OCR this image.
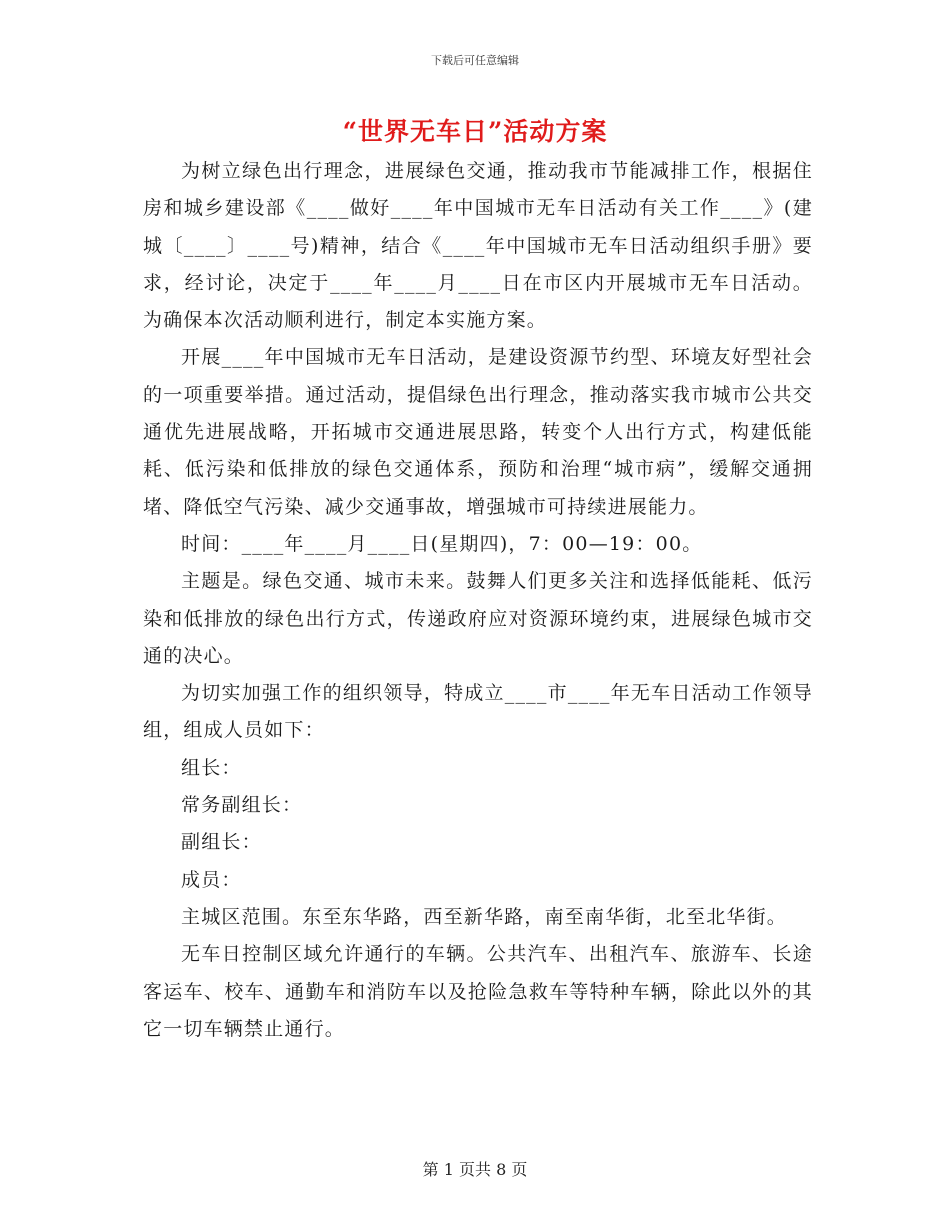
下载后可任意编辑
“世界无车日”活动方案

为树立绿色出行理念，进展绿色交通，推动我市节能减排工作，根据住房和城乡建设部《____做好____年中国城市无车日活动有关工作____》(建城〔____〕____号)精神，结合《____年中国城市无车日活动组织手册》要求，经讨论，决定于____年____月____日在市区内开展城市无车日活动。为确保本次活动顺利进行，制定本实施方案。

开展____年中国城市无车日活动，是建设资源节约型、环境友好型社会的一项重要举措。通过活动，提倡绿色出行理念，推动落实我市城市公共交通优先进展战略，开拓城市交通进展思路，转变个人出行方式，构建低能耗、低污染和低排放的绿色交通体系，预防和治理“城市病”，缓解交通拥堵、降低空气污染、减少交通事故，增强城市可持续进展能力。

时间：____年____月____日(星期四)，7：00—19：00。

主题是。绿色交通、城市未来。鼓舞人们更多关注和选择低能耗、低污染和低排放的绿色出行方式，传递政府应对资源环境约束，进展绿色城市交通的决心。

为切实加强工作的组织领导，特成立____市____年无车日活动工作领导组，组成人员如下：

组长：

常务副组长：

副组长：

成员：

主城区范围。东至东华路，西至新华路，南至南华街，北至北华街。

无车日控制区域允许通行的车辆。公共汽车、出租汽车、旅游车、长途客运车、校车、通勤车和消防车以及抢险急救车等特种车辆，除此以外的其它一切车辆禁止通行。

第 1 页共 8 页
